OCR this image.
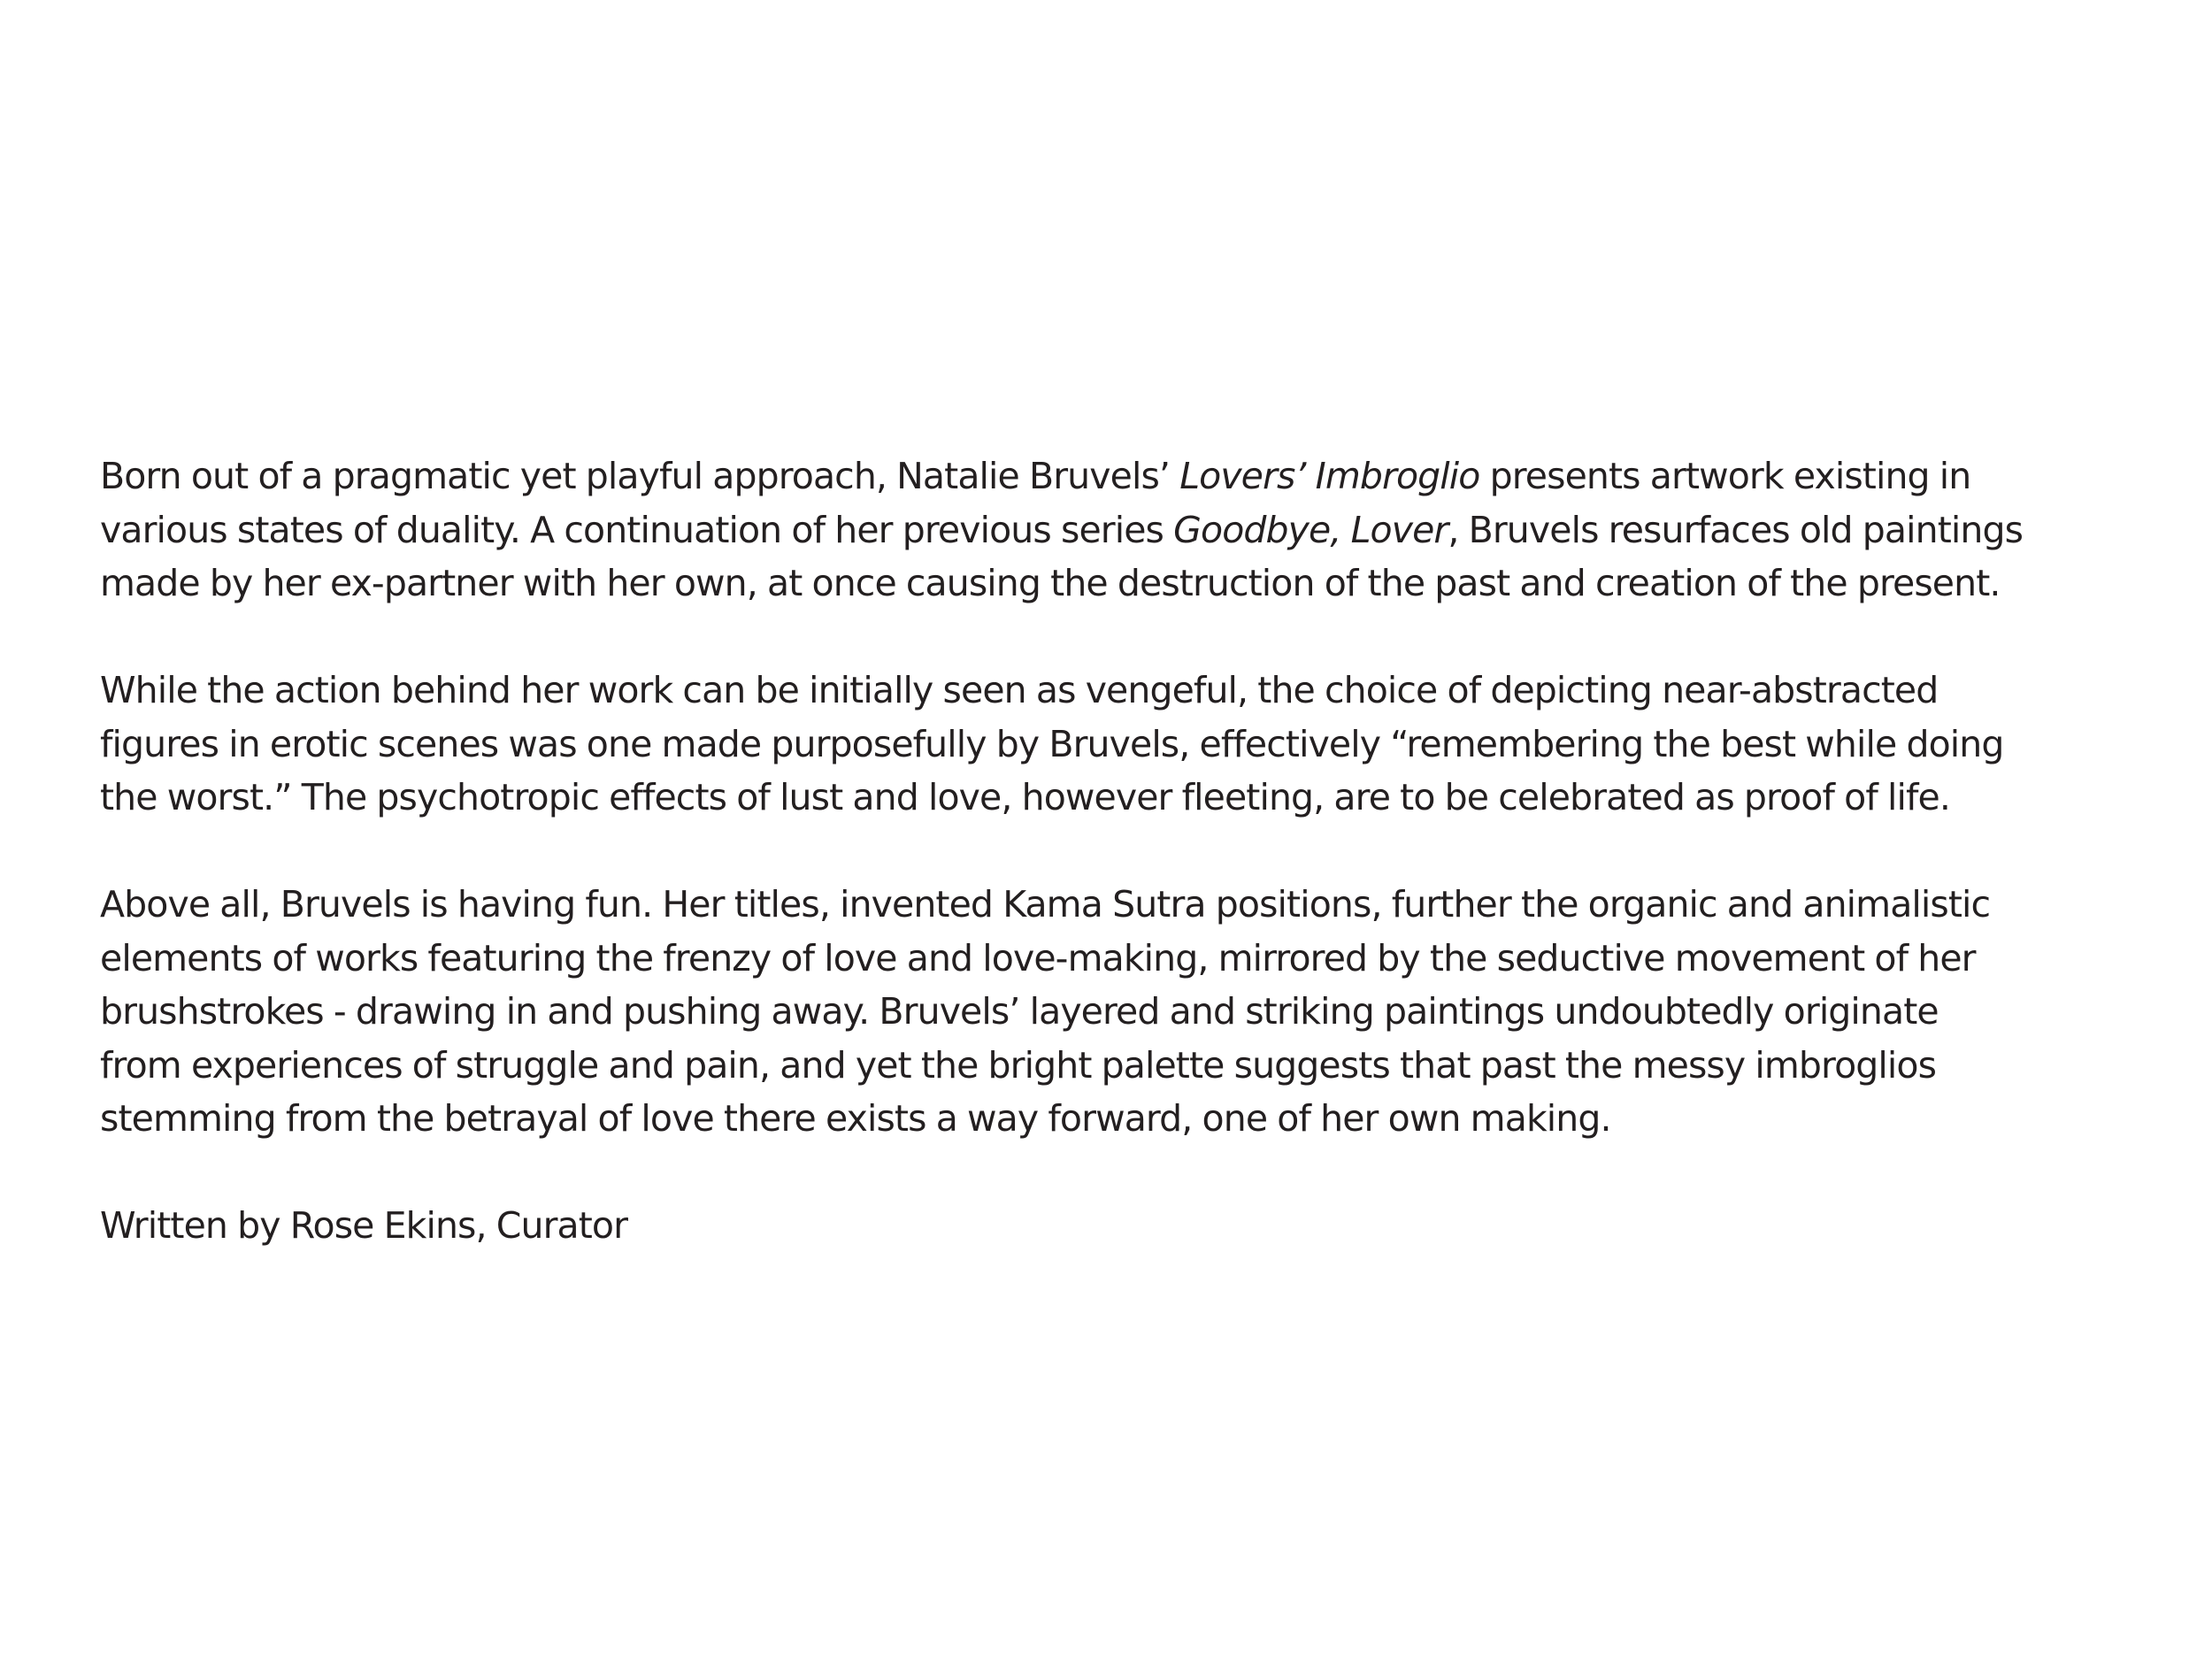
Born out of a pragmatic yet playful approach, Natalie Bruvels’ Lovers’ Imbroglio presents artwork existing in
various states of duality. A continuation of her previous series Goodbye, Lover, Bruvels resurfaces old paintings
made by her ex-partner with her own, at once causing the destruction of the past and creation of the present.

While the action behind her work can be initially seen as vengeful, the choice of depicting near-abstracted
figures in erotic scenes was one made purposefully by Bruvels, effectively “remembering the best while doing
the worst.” The psychotropic effects of lust and love, however fleeting, are to be celebrated as proof of life.

Above all, Bruvels is having fun. Her titles, invented Kama Sutra positions, further the organic and animalistic
elements of works featuring the frenzy of love and love-making, mirrored by the seductive movement of her
brushstrokes - drawing in and pushing away. Bruvels’ layered and striking paintings undoubtedly originate
from experiences of struggle and pain, and yet the bright palette suggests that past the messy imbroglios
stemming from the betrayal of love there exists a way forward, one of her own making.

Written by Rose Ekins, Curator
